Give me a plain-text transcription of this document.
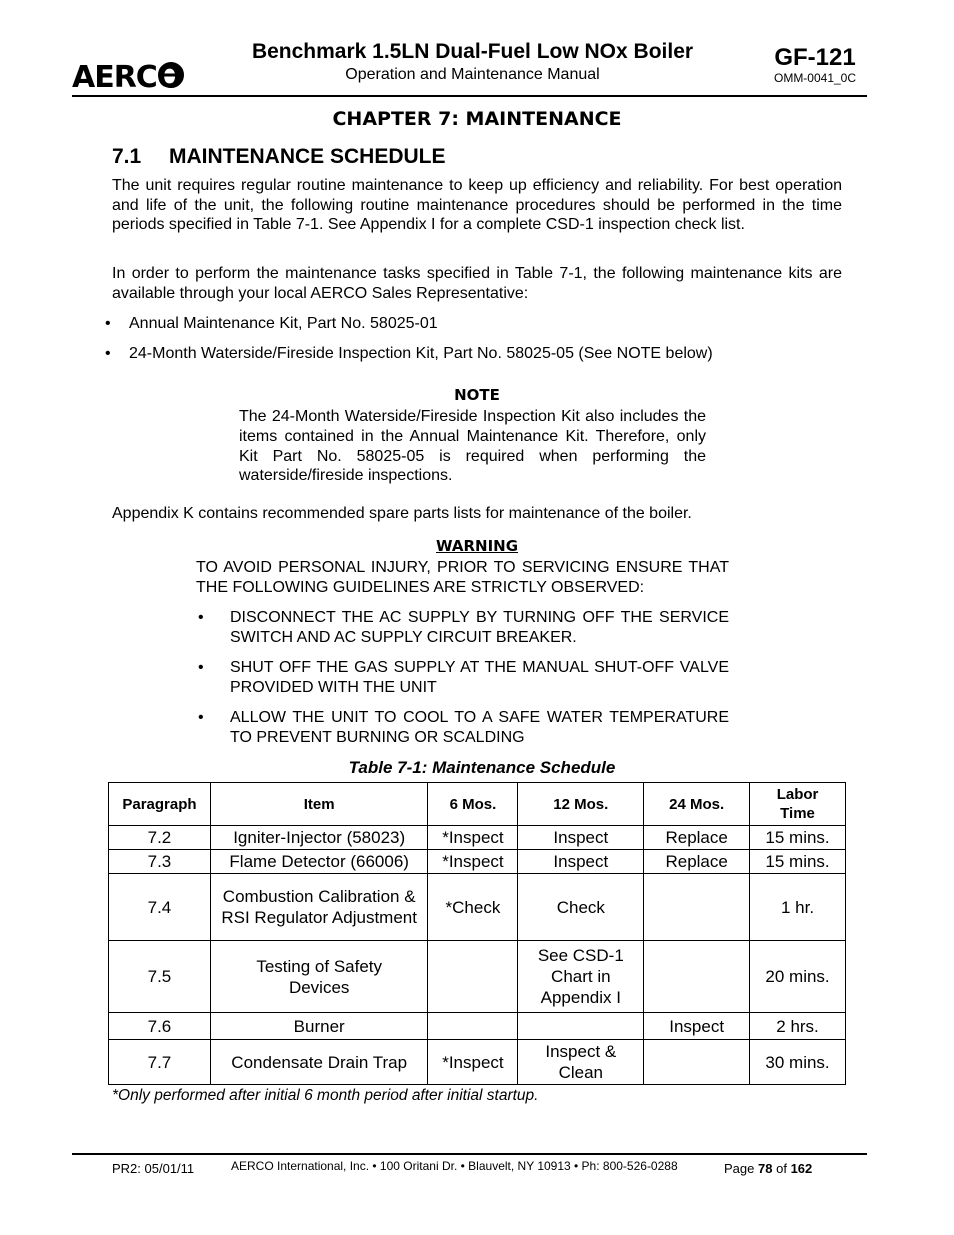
AERCO
Benchmark 1.5LN Dual-Fuel Low NOx Boiler
Operation and Maintenance Manual
GF-121
OMM-0041_0C
CHAPTER 7: MAINTENANCE
7.1 MAINTENANCE SCHEDULE
The unit requires regular routine maintenance to keep up efficiency and reliability. For best operation and life of the unit, the following routine maintenance procedures should be performed in the time periods specified in Table 7-1. See Appendix I for a complete CSD-1 inspection check list.
In order to perform the maintenance tasks specified in Table 7-1, the following maintenance kits are available through your local AERCO Sales Representative:
• Annual Maintenance Kit, Part No. 58025-01
• 24-Month Waterside/Fireside Inspection Kit, Part No. 58025-05 (See NOTE below)
NOTE
The 24-Month Waterside/Fireside Inspection Kit also includes the items contained in the Annual Maintenance Kit. Therefore, only Kit Part No. 58025-05 is required when performing the waterside/fireside inspections.
Appendix K contains recommended spare parts lists for maintenance of the boiler.
WARNING
TO AVOID PERSONAL INJURY, PRIOR TO SERVICING ENSURE THAT THE FOLLOWING GUIDELINES ARE STRICTLY OBSERVED:
• DISCONNECT THE AC SUPPLY BY TURNING OFF THE SERVICE SWITCH AND AC SUPPLY CIRCUIT BREAKER.
• SHUT OFF THE GAS SUPPLY AT THE MANUAL SHUT-OFF VALVE PROVIDED WITH THE UNIT
• ALLOW THE UNIT TO COOL TO A SAFE WATER TEMPERATURE TO PREVENT BURNING OR SCALDING
Table 7-1: Maintenance Schedule
Paragraph	Item	6 Mos.	12 Mos.	24 Mos.	Labor Time
7.2	Igniter-Injector (58023)	*Inspect	Inspect	Replace	15 mins.
7.3	Flame Detector (66006)	*Inspect	Inspect	Replace	15 mins.
7.4	Combustion Calibration & RSI Regulator Adjustment	*Check	Check		1 hr.
7.5	Testing of Safety Devices		See CSD-1 Chart in Appendix I		20 mins.
7.6	Burner			Inspect	2 hrs.
7.7	Condensate Drain Trap	*Inspect	Inspect & Clean		30 mins.
*Only performed after initial 6 month period after initial startup.
PR2: 05/01/11	AERCO International, Inc. • 100 Oritani Dr. • Blauvelt, NY 10913 • Ph: 800-526-0288	Page 78 of 162
